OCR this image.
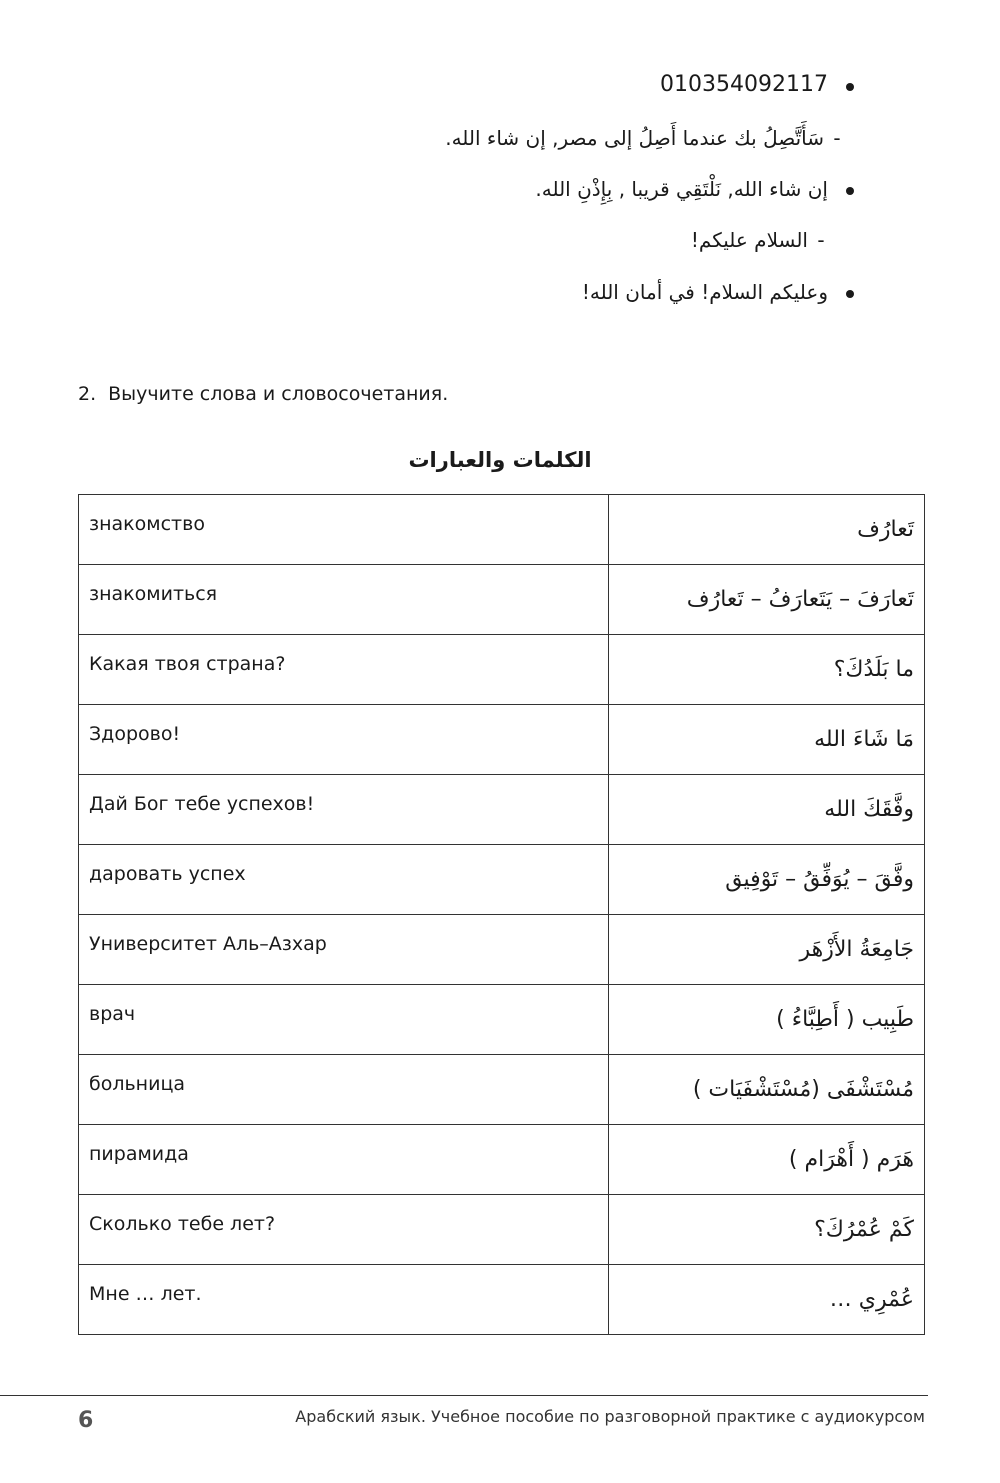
010354092117
-سَأَتَّصِلُ بك عندما أَصِلُ إلى مصر, إن شاء الله.
إن شاء الله, نَلْتَقِي قريبا , بِإِذْنِ الله.
-السلام عليكم!
وعليكم السلام! في أمان الله!
2. Выучите слова и словосочетания.
الكلمات والعبارات
знакомство	تَعارُف
знакомиться	تَعارَفَ – يَتَعارَفُ – تَعارُف
Какая твоя страна?	ما بَلَدُكَ؟
Здорово!	مَا شَاءَ الله
Дай Бог тебе успехов!	وفَّقَكَ الله
даровать успех	وفَّقَ – يُوَفِّقُ – تَوْفِيق
Университет Аль–Азхар	جَامِعَةُ الأَزْهَر
врач	طَبِيب ( أَطِبَّاءُ )
больница	مُسْتَشْفَى (مُسْتَشْفَيَات )
пирамида	هَرَم ( أَهْرَام )
Сколько тебе лет?	كَمْ عُمْرُكَ؟
Мне … лет.	عُمْرِي …
6	Арабский язык. Учебное пособие по разговорной практике с аудиокурсом
